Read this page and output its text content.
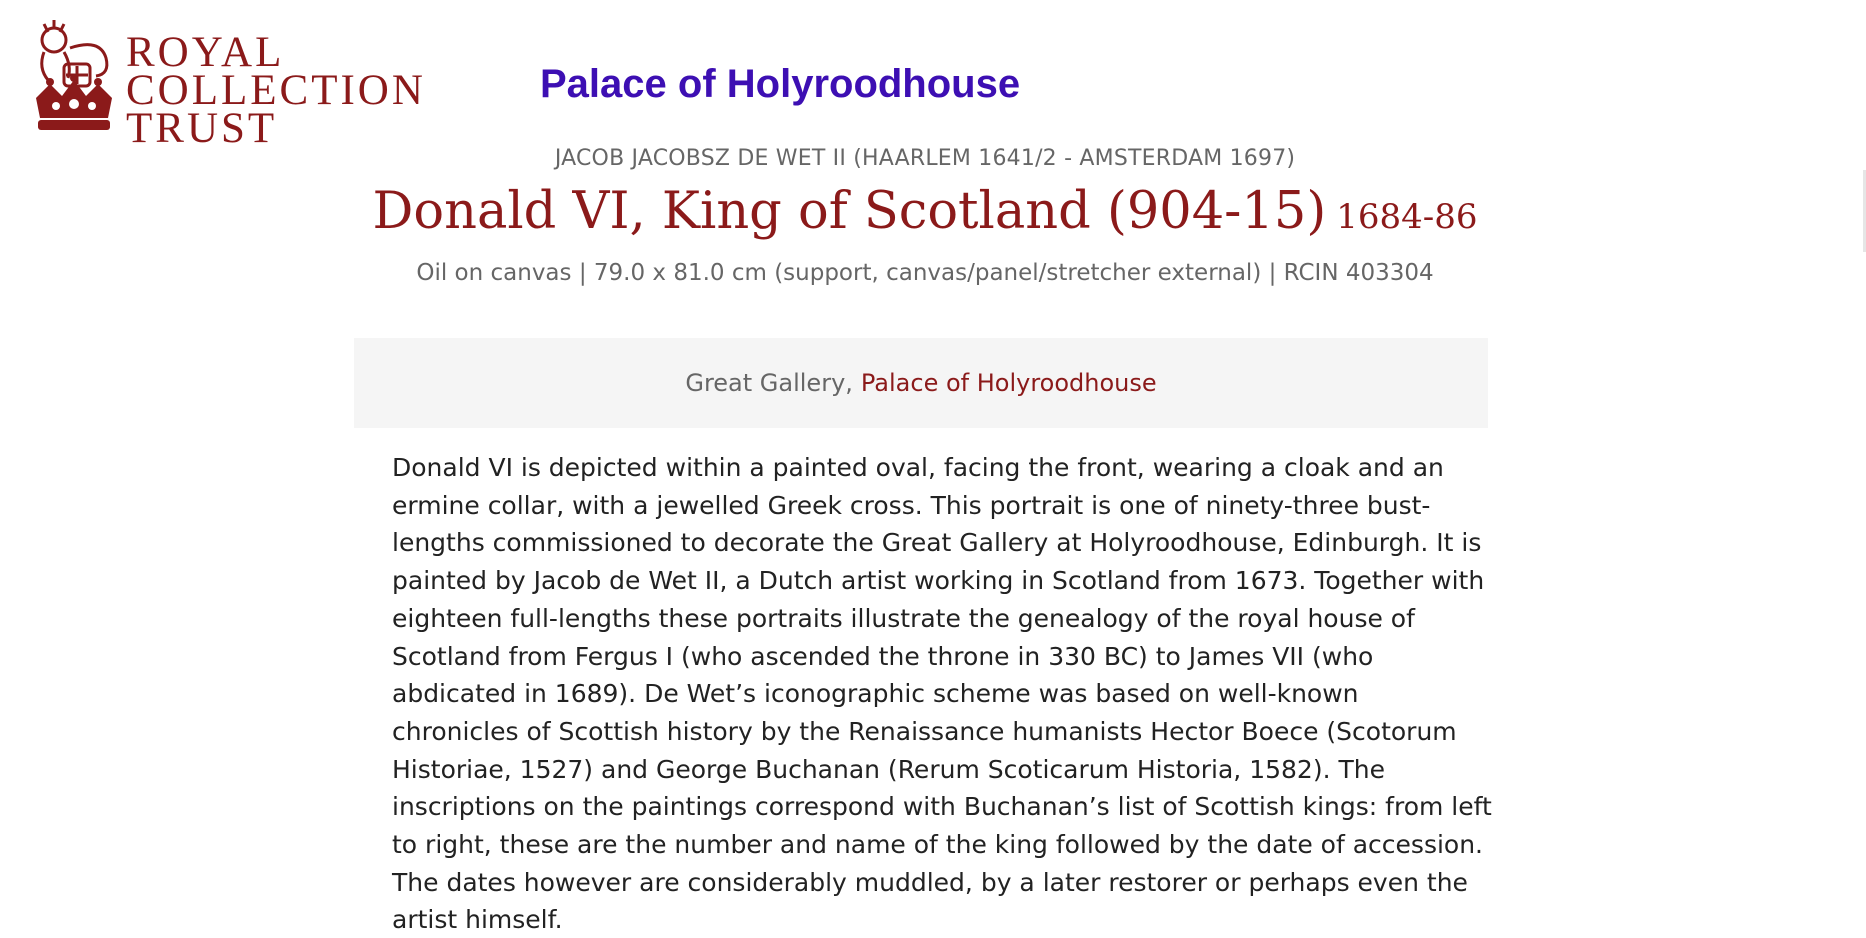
ROYAL
COLLECTION
TRUST
Palace of Holyroodhouse
JACOB JACOBSZ DE WET II (HAARLEM 1641/2 - AMSTERDAM 1697)
Donald VI, King of Scotland (904-15) 1684-86
Oil on canvas | 79.0 x 81.0 cm (support, canvas/panel/stretcher external) | RCIN 403304
Great Gallery, Palace of Holyroodhouse
Donald VI is depicted within a painted oval, facing the front, wearing a cloak and an ermine collar, with a jewelled Greek cross. This portrait is one of ninety-three bust-lengths commissioned to decorate the Great Gallery at Holyroodhouse, Edinburgh. It is painted by Jacob de Wet II, a Dutch artist working in Scotland from 1673. Together with eighteen full-lengths these portraits illustrate the genealogy of the royal house of Scotland from Fergus I (who ascended the throne in 330 BC) to James VII (who abdicated in 1689). De Wet’s iconographic scheme was based on well-known chronicles of Scottish history by the Renaissance humanists Hector Boece (Scotorum Historiae, 1527) and George Buchanan (Rerum Scoticarum Historia, 1582). The inscriptions on the paintings correspond with Buchanan’s list of Scottish kings: from left to right, these are the number and name of the king followed by the date of accession. The dates however are considerably muddled, by a later restorer or perhaps even the artist himself.
